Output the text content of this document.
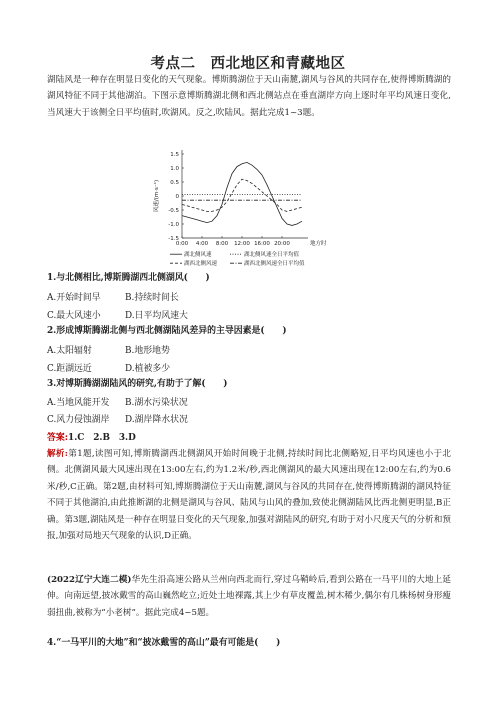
考点二　西北地区和青藏地区
湖陆风是一种存在明显日变化的天气现象。博斯腾湖位于天山南麓,湖风与谷风的共同存在,使得博斯腾湖的湖风特征不同于其他湖泊。下图示意博斯腾湖北侧和西北侧站点在垂直湖岸方向上逐时年平均风速日变化,当风速大于该侧全日平均值时,吹湖风。反之,吹陆风。据此完成1~3题。
1.5
1.0
0.5
0
-0.5
-1.0
-1.5
0:00 4:00 8:00 12:00 16:00 20:00	地方时
风速/(m·s⁻¹)
湖北侧风速	湖北侧风速全日平均值
湖西北侧风速	湖西北侧风速全日平均值
1.与北侧相比,博斯腾湖西北侧湖风(　　)
A.开始时间早	B.持续时间长
C.最大风速小	D.日平均风速大
2.形成博斯腾湖北侧与西北侧湖陆风差异的主导因素是(　　)
A.太阳辐射	B.地形地势
C.距湖远近	D.植被多少
3.对博斯腾湖湖陆风的研究,有助于了解(　　)
A.当地风能开发 B.湖水污染状况
C.风力侵蚀湖岸 D.湖岸降水状况
答案:1.C　2.B　3.D
解析:第1题,读图可知,博斯腾湖西北侧湖风开始时间晚于北侧,持续时间比北侧略短,日平均风速也小于北侧。北侧湖风最大风速出现在13:00左右,约为1.2米/秒,西北侧湖风的最大风速出现在12:00左右,约为0.6米/秒,C正确。第2题,由材料可知,博斯腾湖位于天山南麓,湖风与谷风的共同存在,使得博斯腾湖的湖风特征不同于其他湖泊,由此推断湖的北侧是湖风与谷风、陆风与山风的叠加,致使北侧湖陆风比西北侧更明显,B正确。第3题,湖陆风是一种存在明显日变化的天气现象,加强对湖陆风的研究,有助于对小尺度天气的分析和预报,加强对局地天气现象的认识,D正确。
(2022辽宁大连二模)华先生沿高速公路从兰州向西北而行,穿过乌鞘岭后,看到公路在一马平川的大地上延伸。向南远望,披冰戴雪的高山巍然屹立;近处土地裸露,其上少有草皮覆盖,树木稀少,偶尔有几株杨树身形瘦弱扭曲,被称为“小老树”。据此完成4~5题。
4.“一马平川的大地”和“披冰戴雪的高山”最有可能是(　　)
